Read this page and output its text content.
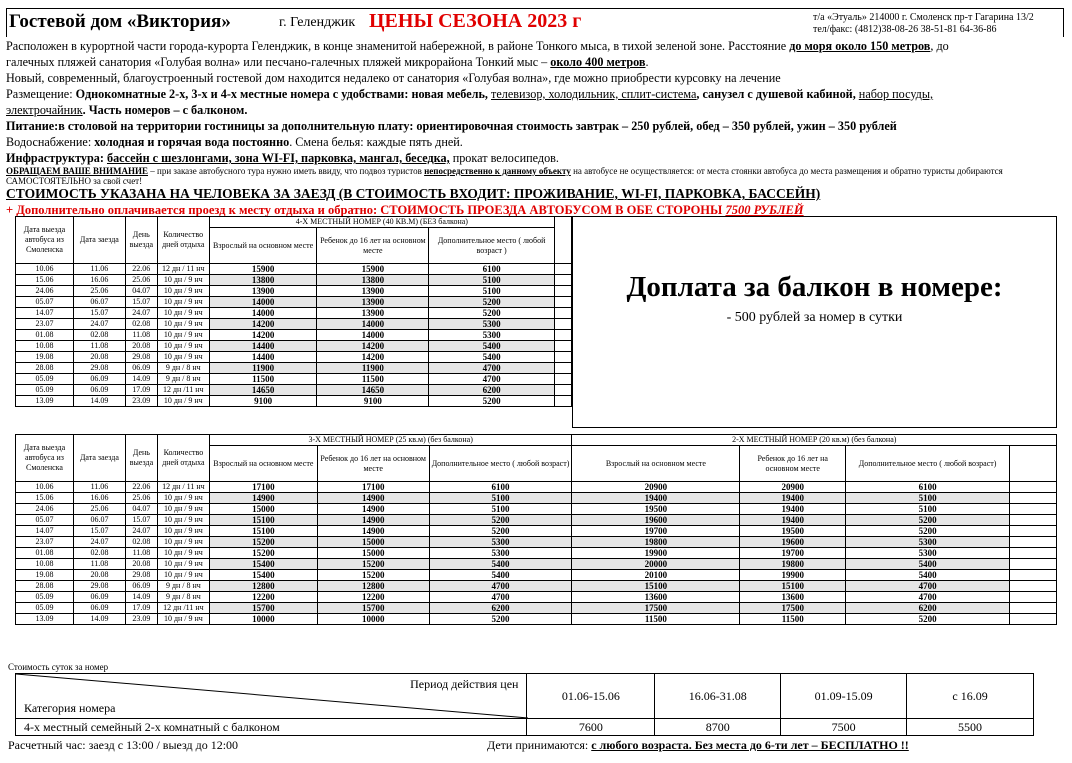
Гостевой дом «Виктория»	г. Геленджик ЦЕНЫ СЕЗОНА 2023 г	т/а «Этуаль» 214000 г. Смоленск пр-т Гагарина 13/2
тел/факс: (4812)38-08-26 38-51-81 64-36-86
Расположен в курортной части города-курорта Геленджик, в конце знаменитой набережной, в районе Тонкого мыса, в тихой зеленой зоне. Расстояние до моря около 150 метров, до
галечных пляжей санатория «Голубая волна» или песчано-галечных пляжей микрорайона Тонкий мыс – около 400 метров.
Новый, современный, благоустроенный гостевой дом находится недалеко от санатория «Голубая волна», где можно приобрести курсовку на лечение
Размещение: Однокомнатные 2-х, 3-х и 4-х местные номера с удобствами: новая мебель, телевизор, холодильник, сплит-система, санузел с душевой кабиной, набор посуды,
электрочайник. Часть номеров – с балконом.
Питание:в столовой на территории гостиницы за дополнительную плату: ориентировочная стоимость завтрак – 250 рублей, обед – 350 рублей, ужин – 350 рублей
Водоснабжение: холодная и горячая вода постоянно. Смена белья: каждые пять дней.
Инфраструктура: бассейн с шезлонгами, зона WI-FI, парковка, мангал, беседка, прокат велосипедов.
ОБРАЩАЕМ ВАШЕ ВНИМАНИЕ – при заказе автобусного тура нужно иметь ввиду, что подвоз туристов непосредственно к данному объекту на автобусе не осуществляется: от места стоянки автобуса до места размещения и обратно туристы добираются САМОСТОЯТЕЛЬНО за свой счет!
СТОИМОСТЬ УКАЗАНА НА ЧЕЛОВЕКА ЗА ЗАЕЗД (В СТОИМОСТЬ ВХОДИТ: ПРОЖИВАНИЕ, WI-FI, ПАРКОВКА, БАССЕЙН)
+ Дополнительно оплачивается проезд к месту отдыха и обратно: СТОИМОСТЬ ПРОЕЗДА АВТОБУСОМ В ОБЕ СТОРОНЫ 7500 РУБЛЕЙ
Дата выезда автобуса из Смоленска	Дата заезда	День выезда	Количество дней отдыха	4-Х МЕСТНЫЙ НОМЕР (40 КВ.М) (БЕЗ балкона)			
				Взрослый на основном месте	Ребенок до 16 лет на основном месте	Дополнительное место ( любой возраст )	
10.06	11.06	22.06	12 дн / 11 нч	15900	15900	6100	
15.06	16.06	25.06	10 дн / 9 нч	13800	13800	5100	
24.06	25.06	04.07	10 дн / 9 нч	13900	13900	5100	
05.07	06.07	15.07	10 дн / 9 нч	14000	13900	5200	
14.07	15.07	24.07	10 дн / 9 нч	14000	13900	5200	
23.07	24.07	02.08	10 дн / 9 нч	14200	14000	5300	
01.08	02.08	11.08	10 дн / 9 нч	14200	14000	5300	
10.08	11.08	20.08	10 дн / 9 нч	14400	14200	5400	
19.08	20.08	29.08	10 дн / 9 нч	14400	14200	5400	
28.08	29.08	06.09	9 дн / 8 нч	11900	11900	4700	
05.09	06.09	14.09	9 дн / 8 нч	11500	11500	4700	
05.09	06.09	17.09	12 дн /11 нч	14650	14650	6200	
13.09	14.09	23.09	10 дн / 9 нч	9100	9100	5200	
Доплата за балкон в номере:
- 500 рублей за номер в сутки
Дата выезда автобуса из Смоленска	Дата заезда	День выезда	Количество дней отдыха	3-Х МЕСТНЫЙ НОМЕР (25 кв.м) (без балкона)			2-Х МЕСТНЫЙ НОМЕР (20 кв.м) (без балкона)			
				Взрослый на основном месте	Ребенок до 16 лет на основном месте	Дополнительное место ( любой возраст)	Взрослый на основном месте	Ребенок до 16 лет на основном месте	Дополнительное место ( любой возраст)	
10.06	11.06	22.06	12 дн / 11 нч	17100	17100	6100	20900	20900	6100	
15.06	16.06	25.06	10 дн / 9 нч	14900	14900	5100	19400	19400	5100	
24.06	25.06	04.07	10 дн / 9 нч	15000	14900	5100	19500	19400	5100	
05.07	06.07	15.07	10 дн / 9 нч	15100	14900	5200	19600	19400	5200	
14.07	15.07	24.07	10 дн / 9 нч	15100	14900	5200	19700	19500	5200	
23.07	24.07	02.08	10 дн / 9 нч	15200	15000	5300	19800	19600	5300	
01.08	02.08	11.08	10 дн / 9 нч	15200	15000	5300	19900	19700	5300	
10.08	11.08	20.08	10 дн / 9 нч	15400	15200	5400	20000	19800	5400	
19.08	20.08	29.08	10 дн / 9 нч	15400	15200	5400	20100	19900	5400	
28.08	29.08	06.09	9 дн / 8 нч	12800	12800	4700	15100	15100	4700	
05.09	06.09	14.09	9 дн / 8 нч	12200	12200	4700	13600	13600	4700	
05.09	06.09	17.09	12 дн /11 нч	15700	15700	6200	17500	17500	6200	
13.09	14.09	23.09	10 дн / 9 нч	10000	10000	5200	11500	11500	5200	
Стоимость суток за номер
Период действия цен
Категория номера	01.06-15.06	16.06-31.08	01.09-15.09	с 16.09

4-х местный семейный 2-х комнатный с балконом	7600	8700	7500	5500
Расчетный час: заезд с 13:00 / выезд до 12:00	Дети принимаются: с любого возраста. Без места до 6-ти лет – БЕСПЛАТНО !!
